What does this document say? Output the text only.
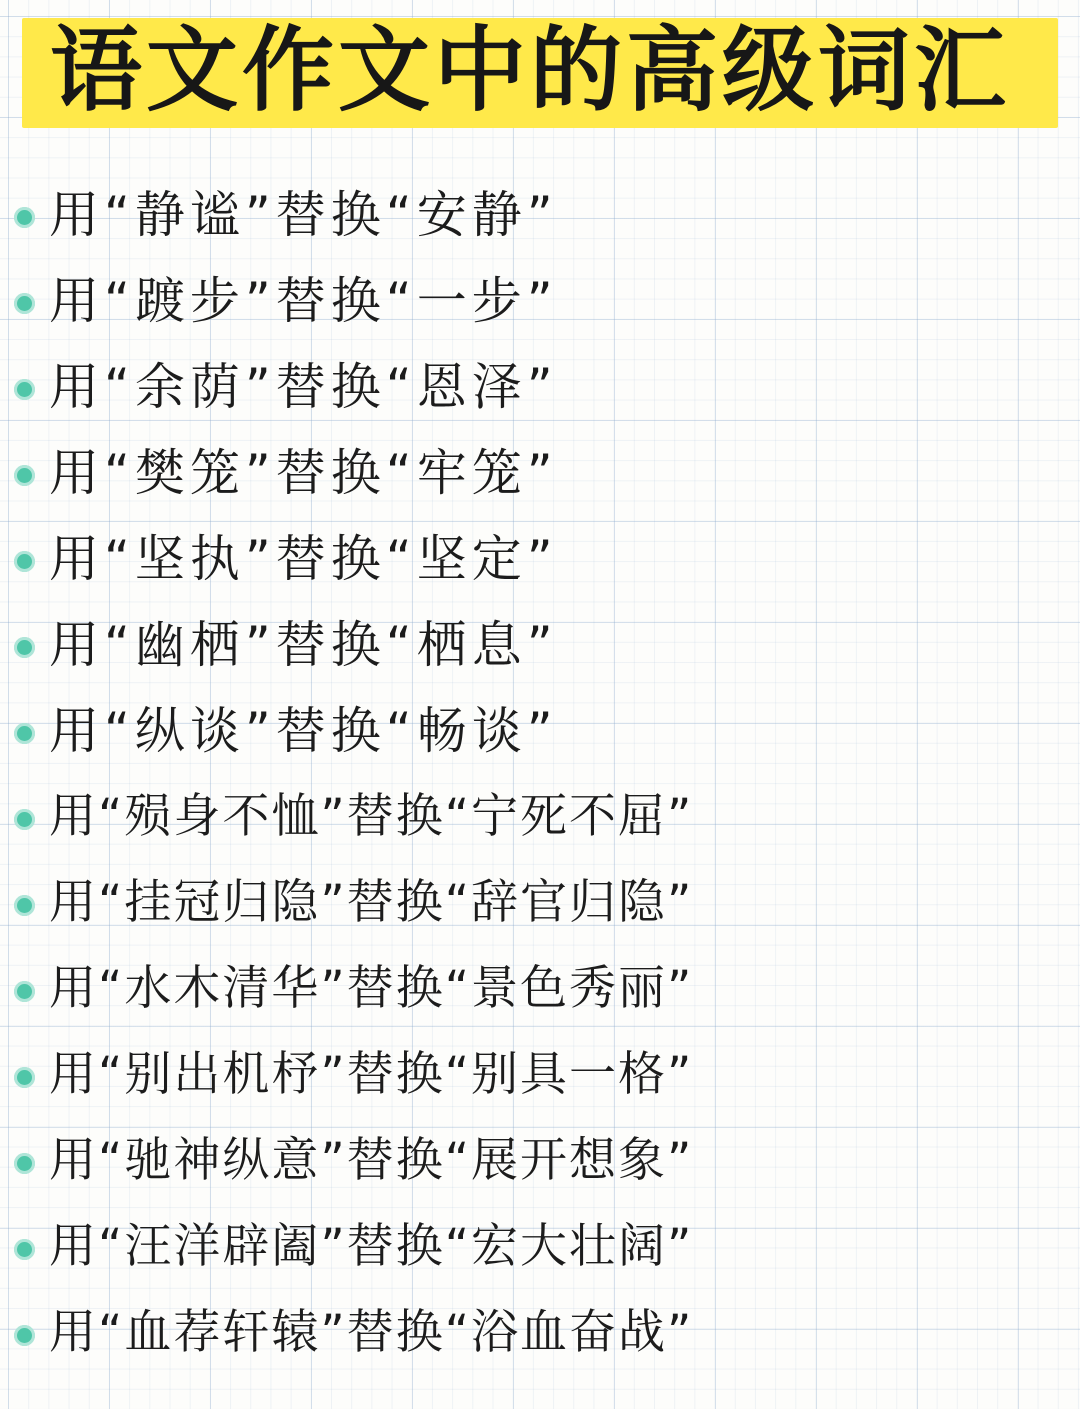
语文作文中的高级词汇
用“静谧”替换“安静”
用“踱步”替换“一步”
用“余荫”替换“恩泽”
用“樊笼”替换“牢笼”
用“坚执”替换“坚定”
用“幽栖”替换“栖息”
用“纵谈”替换“畅谈”
用“殒身不恤”替换“宁死不屈”
用“挂冠归隐”替换“辞官归隐”
用“水木清华”替换“景色秀丽”
用“别出机杼”替换“别具一格”
用“驰神纵意”替换“展开想象”
用“汪洋辟阖”替换“宏大壮阔”
用“血荐轩辕”替换“浴血奋战”
